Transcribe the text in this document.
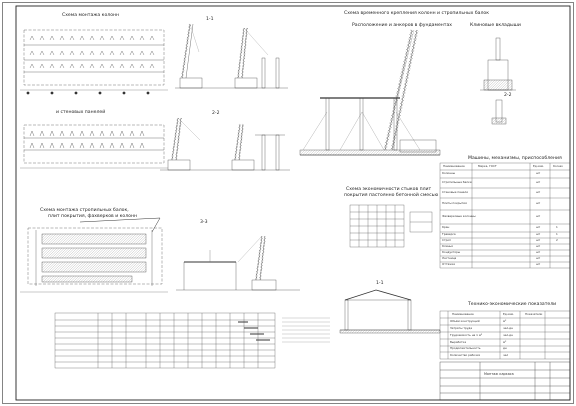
Схема монтажа колонн
и стеновых панелей
Схема монтажа стропильных балок,
плит покрытия, фахверков и колонн
Схема временного крепления колонн и стропильных балок
Расположение и анкеров в фундаментах	Клиновые вкладыши
Машины, механизмы, приспособления
Схема экономичности стыков плит
покрытия пастоянно бетонной смесью
Технико-экономические показатели
1-1
2-2
3-3
1-1
2-2
Наименование	Марка, ГОСТ	Ед.изм.	Кол-во
Наименование	Ед.изм.	Показатели
Монтаж каркаса
Колонны	шт
Стропильные балки	шт
Стеновые панели	шт
Плиты покрытия	шт
Фахверковые колонны	шт
Кран	шт	1
Траверса	шт	1
Строп	шт	2
Клинья	шт
Кондукторы	шт
Лестница	шт
Оттяжки	шт
Объём конструкций	м³
Затраты труда	чел-дн
Трудоемкость на 1 м³	чел-дн
Выработка	м³
Продолжительность	дн
Количество рабочих	чел
